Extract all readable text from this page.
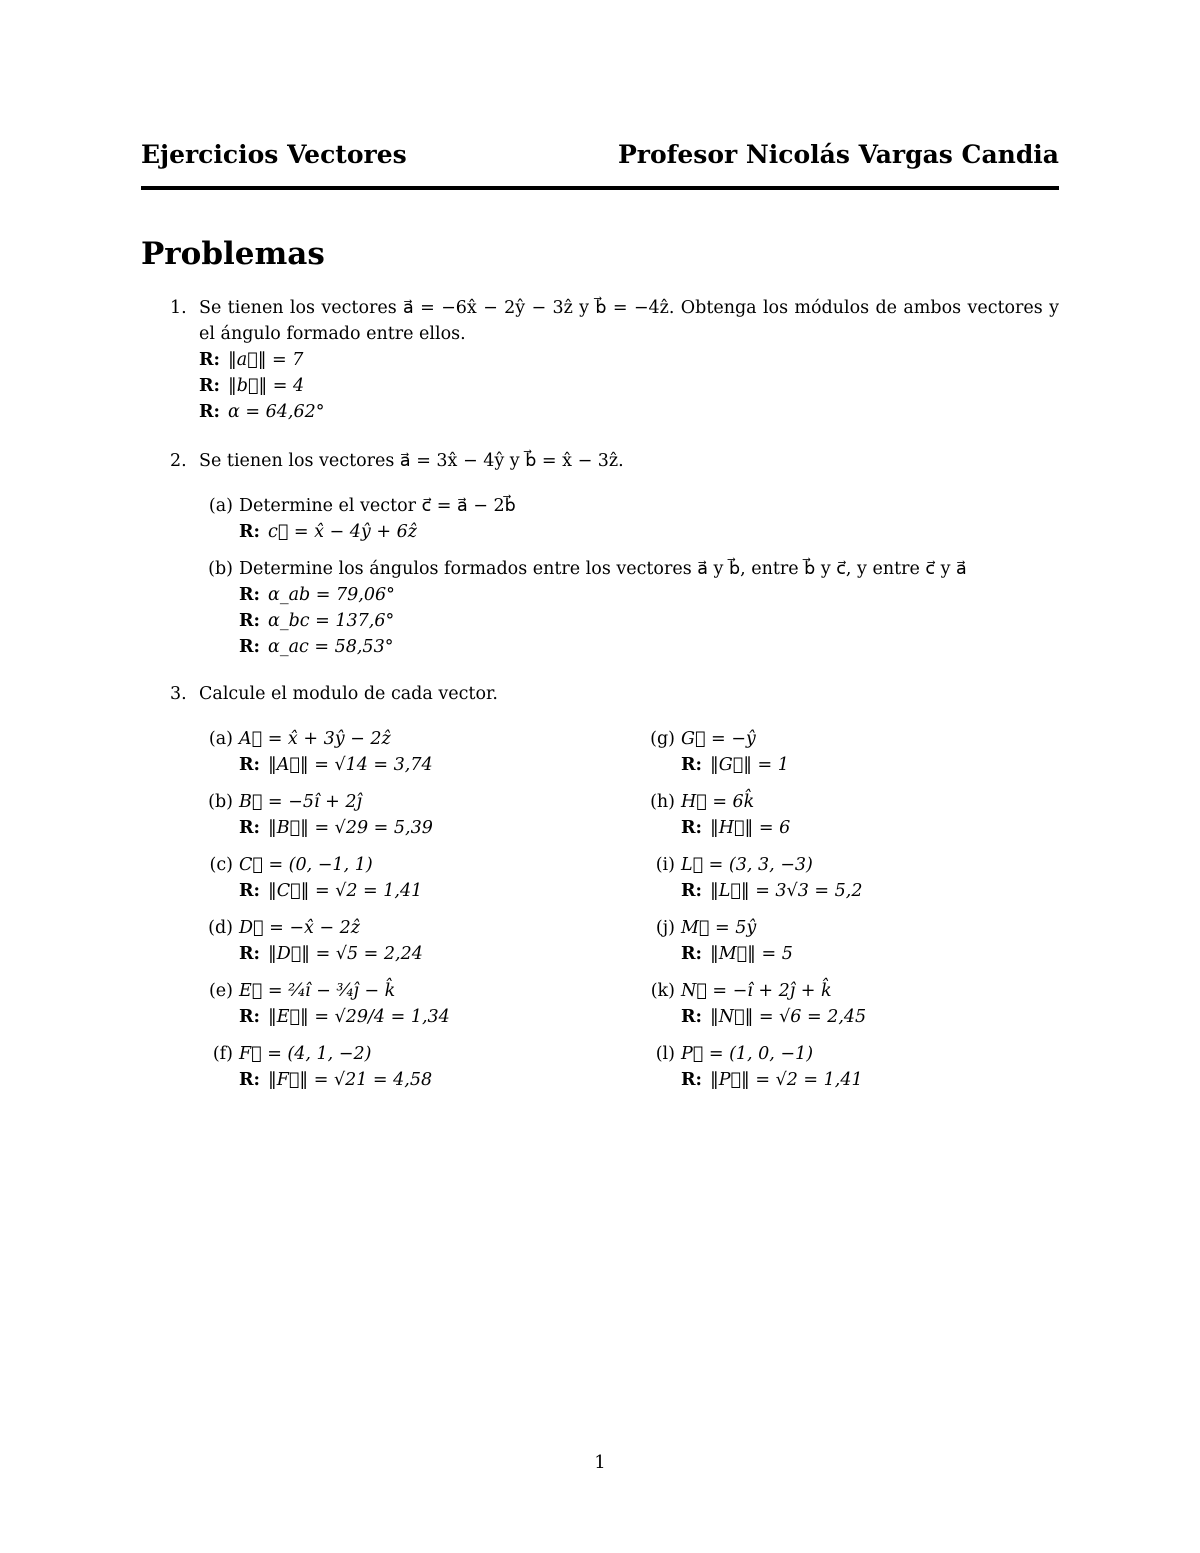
Ejercicios Vectores	Profesor Nicolás Vargas Candia
Problemas
1. Se tienen los vectores a⃗ = −6x̂ − 2ŷ − 3ẑ y b⃗ = −4ẑ. Obtenga los módulos de ambos vectores y el ángulo formado entre ellos.
R: ‖a⃗‖ = 7
R: ‖b⃗‖ = 4
R: α = 64,62°
2. Se tienen los vectores a⃗ = 3x̂ − 4ŷ y b⃗ = x̂ − 3ẑ.
(a) Determine el vector c⃗ = a⃗ − 2b⃗
R: c⃗ = x̂ − 4ŷ + 6ẑ
(b) Determine los ángulos formados entre los vectores a⃗ y b⃗, entre b⃗ y c⃗, y entre c⃗ y a⃗
R: α_ab = 79,06°
R: α_bc = 137,6°
R: α_ac = 58,53°
3. Calcule el modulo de cada vector.
(a) A⃗ = x̂ + 3ŷ − 2ẑ
R: ‖A⃗‖ = √14 = 3,74
(b) B⃗ = −5î + 2ĵ
R: ‖B⃗‖ = √29 = 5,39
(c) C⃗ = (0, −1, 1)
R: ‖C⃗‖ = √2 = 1,41
(d) D⃗ = −x̂ − 2ẑ
R: ‖D⃗‖ = √5 = 2,24
(e) E⃗ = ²⁄₄î − ³⁄₄ĵ − k̂
R: ‖E⃗‖ = √29/4 = 1,34
(f) F⃗ = (4, 1, −2)
R: ‖F⃗‖ = √21 = 4,58
(g) G⃗ = −ŷ
R: ‖G⃗‖ = 1
(h) H⃗ = 6k̂
R: ‖H⃗‖ = 6
(i) L⃗ = (3, 3, −3)
R: ‖L⃗‖ = 3√3 = 5,2
(j) M⃗ = 5ŷ
R: ‖M⃗‖ = 5
(k) N⃗ = −î + 2ĵ + k̂
R: ‖N⃗‖ = √6 = 2,45
(l) P⃗ = (1, 0, −1)
R: ‖P⃗‖ = √2 = 1,41
1
